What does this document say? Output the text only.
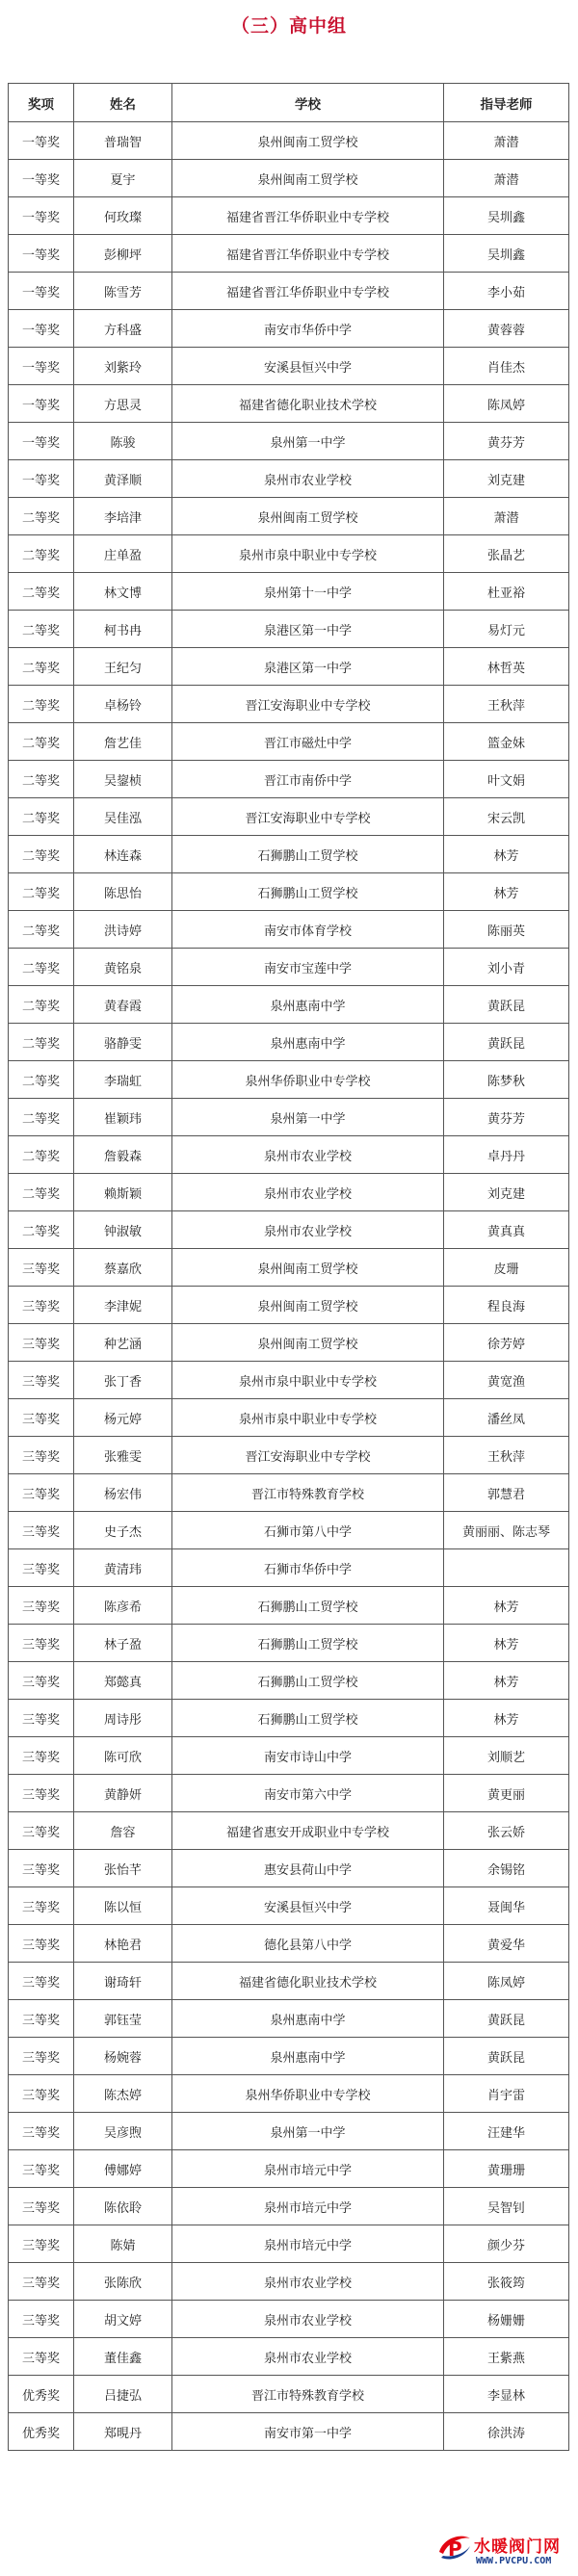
（三）高中组
奖项	姓名	学校	指导老师
一等奖	普瑞智	泉州闽南工贸学校	萧潜
一等奖	夏宇	泉州闽南工贸学校	萧潜
一等奖	何玫璨	福建省晋江华侨职业中专学校	吴圳鑫
一等奖	彭柳坪	福建省晋江华侨职业中专学校	吴圳鑫
一等奖	陈雪芳	福建省晋江华侨职业中专学校	李小茹
一等奖	方科盛	南安市华侨中学	黄蓉蓉
一等奖	刘紫玲	安溪县恒兴中学	肖佳杰
一等奖	方思灵	福建省德化职业技术学校	陈凤婷
一等奖	陈骏	泉州第一中学	黄芬芳
一等奖	黄泽顺	泉州市农业学校	刘克建
二等奖	李培津	泉州闽南工贸学校	萧潜
二等奖	庄单盈	泉州市泉中职业中专学校	张晶艺
二等奖	林文博	泉州第十一中学	杜亚裕
二等奖	柯书冉	泉港区第一中学	易灯元
二等奖	王纪匀	泉港区第一中学	林哲英
二等奖	卓杨铃	晋江安海职业中专学校	王秋萍
二等奖	詹艺佳	晋江市磁灶中学	篮金妹
二等奖	吴鋆桢	晋江市南侨中学	叶文娟
二等奖	吴佳泓	晋江安海职业中专学校	宋云凯
二等奖	林连森	石狮鹏山工贸学校	林芳
二等奖	陈思怡	石狮鹏山工贸学校	林芳
二等奖	洪诗婷	南安市体育学校	陈丽英
二等奖	黄铭泉	南安市宝莲中学	刘小青
二等奖	黄春霞	泉州惠南中学	黄跃昆
二等奖	骆静雯	泉州惠南中学	黄跃昆
二等奖	李瑞虹	泉州华侨职业中专学校	陈梦秋
二等奖	崔颖玮	泉州第一中学	黄芬芳
二等奖	詹毅森	泉州市农业学校	卓丹丹
二等奖	赖斯颖	泉州市农业学校	刘克建
二等奖	钟淑敏	泉州市农业学校	黄真真
三等奖	蔡嘉欣	泉州闽南工贸学校	皮珊
三等奖	李津妮	泉州闽南工贸学校	程良海
三等奖	种艺涵	泉州闽南工贸学校	徐芳婷
三等奖	张丁香	泉州市泉中职业中专学校	黄宽渔
三等奖	杨元婷	泉州市泉中职业中专学校	潘丝凤
三等奖	张雅雯	晋江安海职业中专学校	王秋萍
三等奖	杨宏伟	晋江市特殊教育学校	郭慧君
三等奖	史子杰	石狮市第八中学	黄丽丽、陈志琴
三等奖	黄清玮	石狮市华侨中学	
三等奖	陈彦希	石狮鹏山工贸学校	林芳
三等奖	林子盈	石狮鹏山工贸学校	林芳
三等奖	郑懿真	石狮鹏山工贸学校	林芳
三等奖	周诗彤	石狮鹏山工贸学校	林芳
三等奖	陈可欣	南安市诗山中学	刘顺艺
三等奖	黄静妍	南安市第六中学	黄更丽
三等奖	詹容	福建省惠安开成职业中专学校	张云娇
三等奖	张怡芊	惠安县荷山中学	余锡铭
三等奖	陈以恒	安溪县恒兴中学	聂闽华
三等奖	林艳君	德化县第八中学	黄爱华
三等奖	谢琦轩	福建省德化职业技术学校	陈凤婷
三等奖	郭钰莹	泉州惠南中学	黄跃昆
三等奖	杨婉蓉	泉州惠南中学	黄跃昆
三等奖	陈杰婷	泉州华侨职业中专学校	肖宇雷
三等奖	吴彦煦	泉州第一中学	汪建华
三等奖	傅娜婷	泉州市培元中学	黄珊珊
三等奖	陈依聆	泉州市培元中学	吴智钊
三等奖	陈婧	泉州市培元中学	颜少芬
三等奖	张陈欣	泉州市农业学校	张筱筠
三等奖	胡文婷	泉州市农业学校	杨姗姗
三等奖	董佳鑫	泉州市农业学校	王紫燕
优秀奖	吕捷弘	晋江市特殊教育学校	李显林
优秀奖	郑晛丹	南安市第一中学	徐洪涛
P 水暖阀门网
WWW.PVCPU.COM
